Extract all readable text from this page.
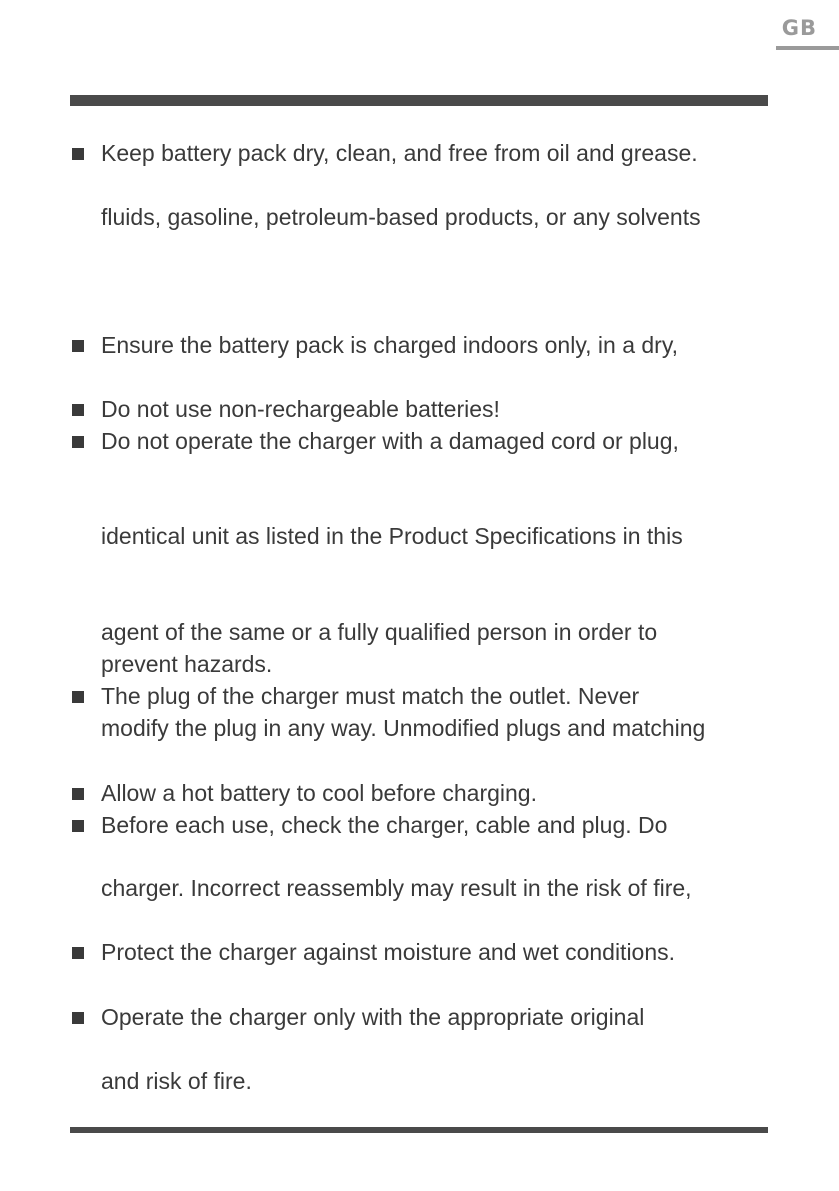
GB
Keep battery pack dry, clean, and free from oil and grease.
fluids, gasoline, petroleum-based products, or any solvents
Ensure the battery pack is charged indoors only, in a dry,
Do not use non-rechargeable batteries!
Do not operate the charger with a damaged cord or plug,
identical unit as listed in the Product Specifications in this
agent of the same or a fully qualified person in order to
prevent hazards.
The plug of the charger must match the outlet. Never
modify the plug in any way. Unmodified plugs and matching
Allow a hot battery to cool before charging.
Before each use, check the charger, cable and plug. Do
charger. Incorrect reassembly may result in the risk of fire,
Protect the charger against moisture and wet conditions.
Operate the charger only with the appropriate original
and risk of fire.
